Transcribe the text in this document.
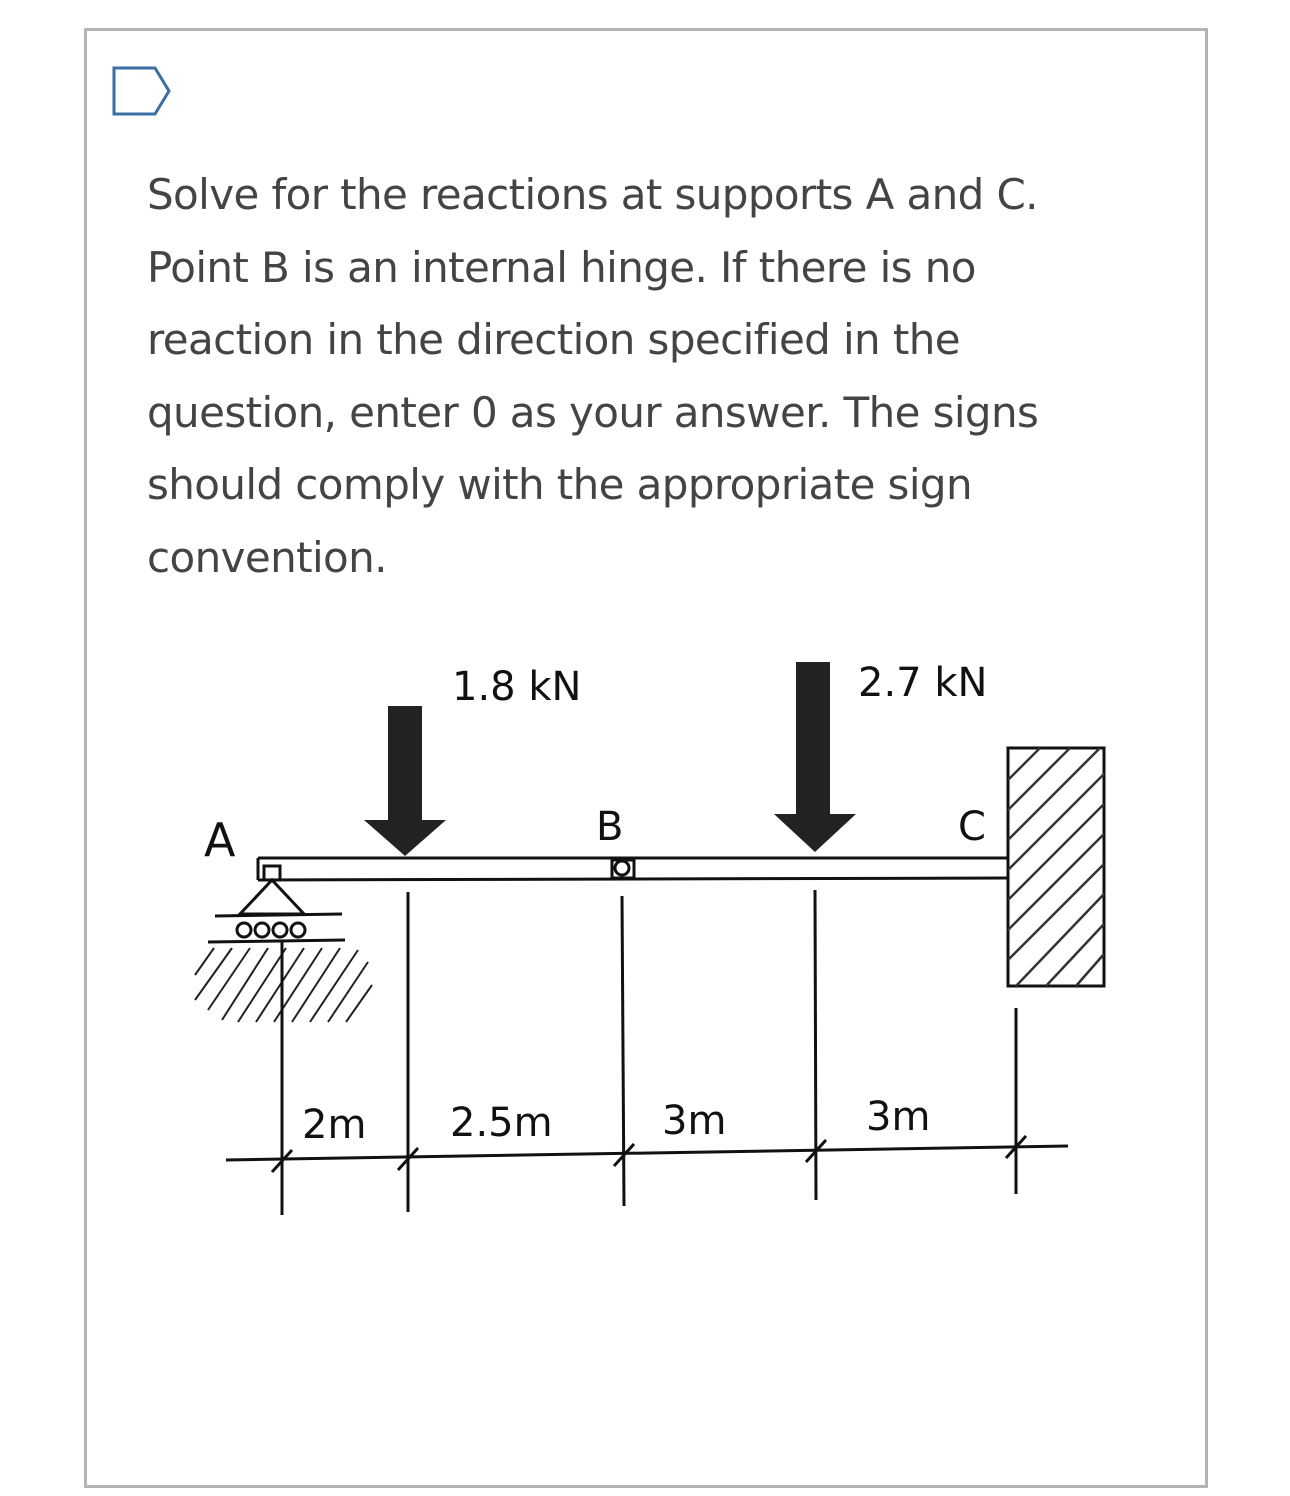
Solve for the reactions at supports A and C. Point B is an internal hinge. If there is no reaction in the direction specified in the question, enter 0 as your answer. The signs should comply with the appropriate sign convention.
1.8 kN	2.7 kN
A	B	C
2m 2.5m	3m	3m
